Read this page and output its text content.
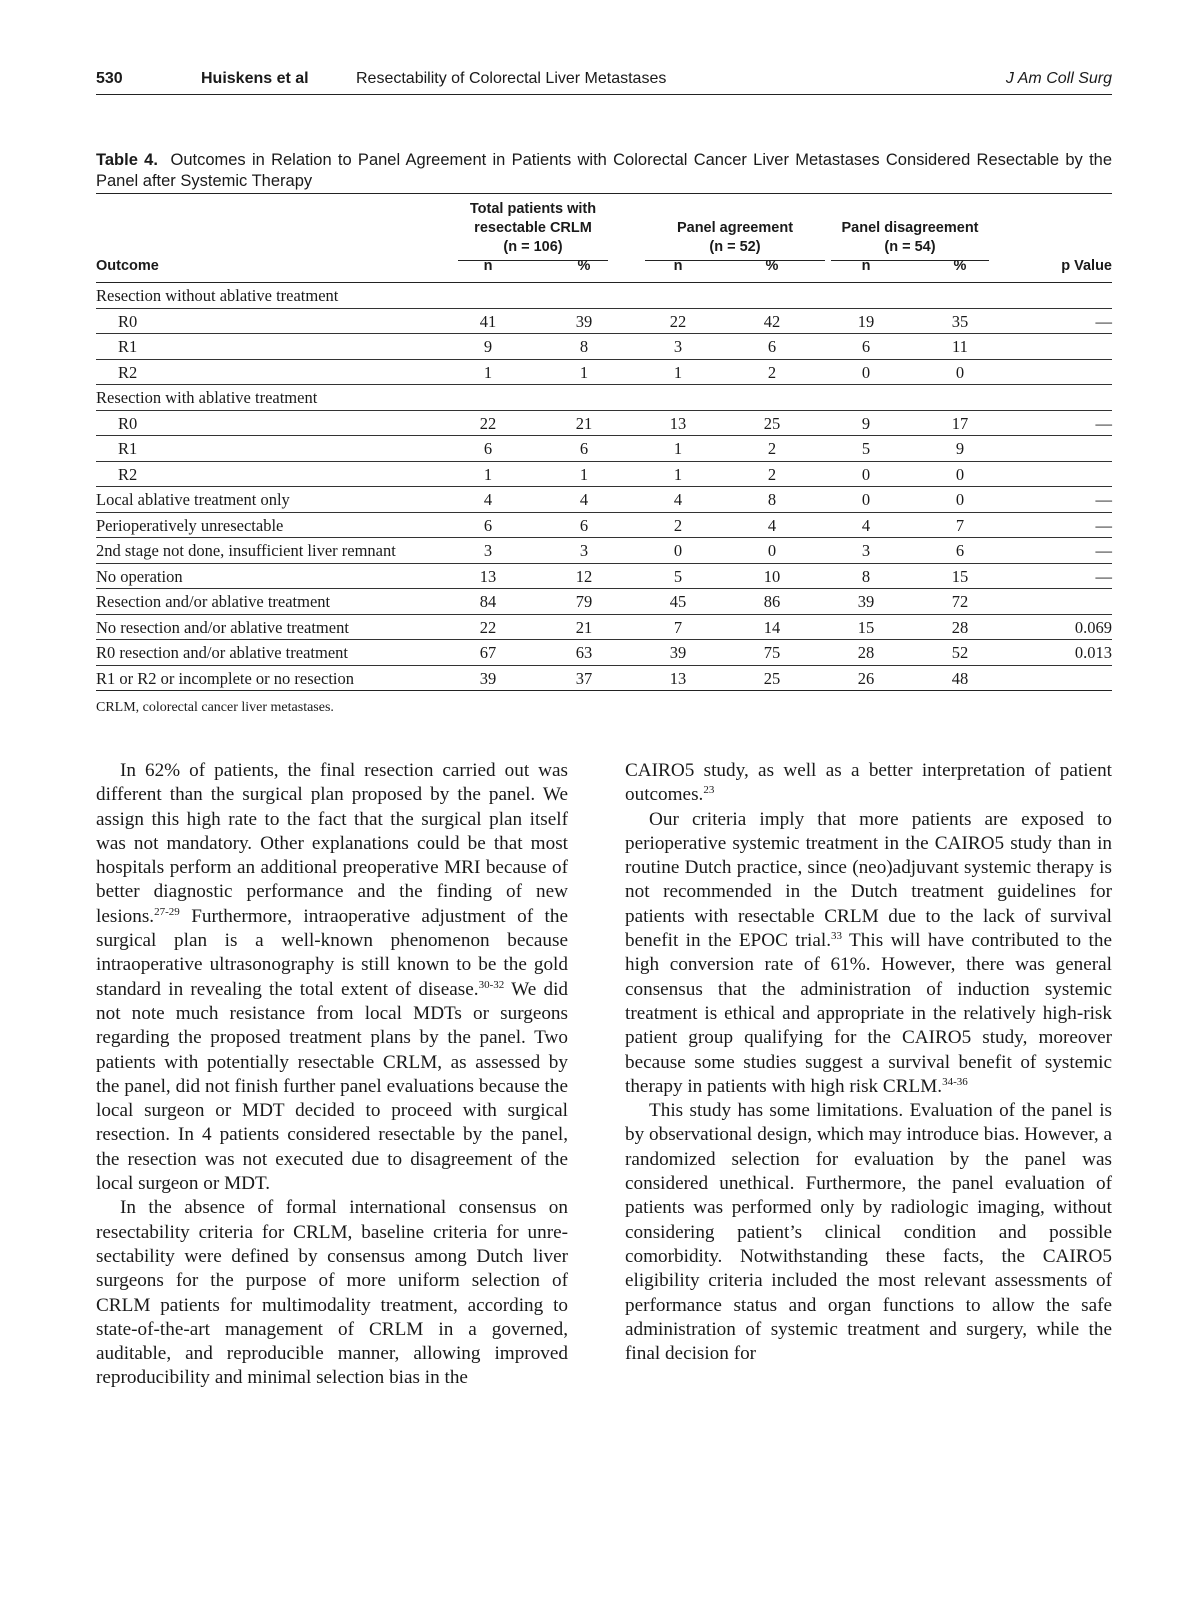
530	Huiskens et al	Resectability of Colorectal Liver Metastases	J Am Coll Surg
Table 4. Outcomes in Relation to Panel Agreement in Patients with Colorectal Cancer Liver Metastases Considered Resectable by the Panel after Systemic Therapy
Total patients with
resectable CRLM
(n = 106)
Panel agreement
(n = 52)
Panel disagreement
(n = 54)
Outcome	n	%	n	%	n	%	p Value
Resection without ablative treatment
R0	41	39	22	42	19	35	—
R1	9	8	3	6	6	11
R2	1	1	1	2	0	0
Resection with ablative treatment
R0	22	21	13	25	9	17	—
R1	6	6	1	2	5	9
R2	1	1	1	2	0	0
Local ablative treatment only	4	4	4	8	0	0	—
Perioperatively unresectable	6	6	2	4	4	7	—
2nd stage not done, insufficient liver remnant	3	3	0	0	3	6	—
No operation	13	12	5	10	8	15	—
Resection and/or ablative treatment	84	79	45	86	39	72
No resection and/or ablative treatment	22	21	7	14	15	28	0.069
R0 resection and/or ablative treatment	67	63	39	75	28	52	0.013
R1 or R2 or incomplete or no resection	39	37	13	25	26	48
CRLM, colorectal cancer liver metastases.

In 62% of patients, the final resection carried out was different than the surgical plan proposed by the panel. We assign this high rate to the fact that the surgical plan itself was not mandatory. Other explanations could be that most hospitals perform an additional preoperative MRI because of better diagnostic performance and the finding of new lesions.$^{27-29}$ Furthermore, intraoperative adjustment of the surgical plan is a well-known phenomenon because intraoperative ultrasonography is still known to be the gold standard in revealing the total extent of disease.$^{30-32}$ We did not note much resistance from local MDTs or surgeons regarding the proposed treatment plans by the panel. Two patients with potentially resectable CRLM, as assessed by the panel, did not finish further panel evaluations because the local surgeon or MDT decided to proceed with surgical resection. In 4 patients considered resectable by the panel, the resection was not executed due to disagreement of the local surgeon or MDT.

In the absence of formal international consensus on resectability criteria for CRLM, baseline criteria for unresectability were defined by consensus among Dutch liver surgeons for the purpose of more uniform selection of CRLM patients for multimodality treatment, according to state-of-the-art management of CRLM in a governed, auditable, and reproducible manner, allowing improved reproducibility and minimal selection bias in the

CAIRO5 study, as well as a better interpretation of patient outcomes.$^{23}$

Our criteria imply that more patients are exposed to perioperative systemic treatment in the CAIRO5 study than in routine Dutch practice, since (neo)adjuvant systemic therapy is not recommended in the Dutch treatment guidelines for patients with resectable CRLM due to the lack of survival benefit in the EPOC trial.$^{33}$ This will have contributed to the high conversion rate of 61%. However, there was general consensus that the administration of induction systemic treatment is ethical and appropriate in the relatively high-risk patient group qualifying for the CAIRO5 study, moreover because some studies suggest a survival benefit of systemic therapy in patients with high risk CRLM.$^{34-36}$

This study has some limitations. Evaluation of the panel is by observational design, which may introduce bias. However, a randomized selection for evaluation by the panel was considered unethical. Furthermore, the panel evaluation of patients was performed only by radiologic imaging, without considering patient’s clinical condition and possible comorbidity. Notwithstanding these facts, the CAIRO5 eligibility criteria included the most relevant assessments of performance status and organ functions to allow the safe administration of systemic treatment and surgery, while the final decision for
